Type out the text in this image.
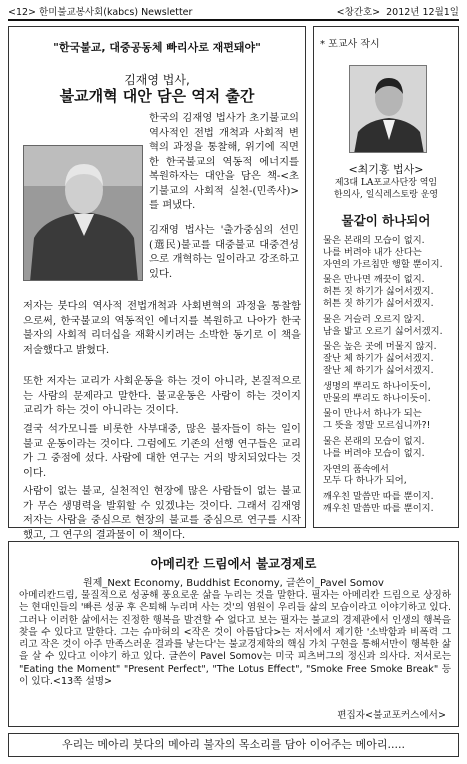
<12> 한미불교봉사회(kabcs) Newsletter	<창간호> 2012년 12월1일
"한국불교, 대중공동체 빠리사로 재편돼야"
김재영 법사,
불교개혁 대안 담은 역저 출간
한국의 김재영 법사가 초기불교의 역사적인 전법 개척과 사회적 변혁의 과정을 통찰해, 위기에 직면한 한국불교의 역동적 에너지를 복원하자는 대안을 담은 책-<초기불교의 사회적 실천-(민족사)>를 펴냈다.
김재영 법사는 '출가중심의 선민(選民)불교를 대중불교 대중견성으로 개혁하는 일이라고 강조하고 있다.
저자는 붓다의 역사적 전법개척과 사회변혁의 과정을 통찰함으로써, 한국불교의 역동적인 에너지를 복원하고 나아가 한국 불자의 사회적 리더십을 재확시키려는 소박한 동기로 이 책을 저술했다고 밝혔다.
또한 저자는 교리가 사회운동을 하는 것이 아니라, 본질적으로는 사람의 문제라고 말한다. 불교운동은 사람이 하는 것이지 교리가 하는 것이 아니라는 것이다.
결국 석가모니를 비롯한 사부대중, 많은 불자들이 하는 일이 불교 운동이라는 것이다. 그럼에도 기존의 선행 연구들은 교리가 그 중점에 섰다. 사람에 대한 연구는 거의 방치되었다는 것이다.
사람이 없는 불교, 실천적인 현장에 많은 사람들이 없는 불교가 무슨 생명력을 발휘할 수 있겠냐는 것이다. 그래서 김재영 저자는 사람을 중심으로 현장의 불교를 중심으로 연구를 시작했고, 그 연구의 결과물이 이 책이다.
* 포교사 작시
<최기홍 법사>
제3대 LA포교사단장 역임
한의사, 일식레스토랑 운영
물같이 하나되어
물은 본래의 모습이 없지.
나를 버려야 내가 산다는
자연의 가르침만 행할 뿐이지.
물은 만나면 깨끗이 없지.
허튼 짓 하기가 싫어서겠지.
허튼 짓 하기가 싫어서겠지.
물은 거슬러 오르지 않지.
남을 밟고 오르기 싫어서겠지.
물은 높은 곳에 머물지 않지.
잘난 체 하기가 싫어서겠지.
잘난 체 하기가 싫어서겠지.
생명의 뿌리도 하나이듯이,
만물의 뿌리도 하나이듯이.
물이 만나서 하나가 되는
그 뜻을 정말 모르십니까?!
물은 본래의 모습이 없지.
나를 버려야 모습이 없지.
자연의 품속에서
모두 다 하나가 되어,
깨우친 말씀만 따를 뿐이지.
깨우친 말씀만 따를 뿐이지.
아메리칸 드림에서 불교경제로
원제_Next Economy, Buddhist Economy, 글쓴이_Pavel Somov
아메리칸드림, 물질적으로 성공해 풍요로운 삶을 누리는 것을 말한다. 필자는 아메리칸 드림으로 상징하는 현대인들의 '빠른 성공 후 은퇴해 누리며 사는 것'의 염원이 우리들 삶의 모습이라고 이야기하고 있다. 그러나 이러한 삶에서는 진정한 행복을 발견할 수 없다고 보는 필자는 불교의 경제관에서 인생의 행복을 찾을 수 있다고 말한다. 그는 슈마허의 <작은 것이 아름답다>는 저서에서 제기한 '소박함과 비폭력 그리고 작은 것이 아주 만족스러운 결과를 낳는다'는 불교경제학의 핵심 가치 구현을 통해서만이 행복한 삶을 살 수 있다고 이야기 하고 있다. 글쓴이 Pavel Somov는 미국 피츠버그의 정신과 의사다. 저서로는 "Eating the Moment" "Present Perfect", "The Lotus Effect", "Smoke Free Smoke Break" 등이 있다.<13쪽 설명>
편집자<불교포커스에서>
우리는 메아리 붓다의 메아리 불자의 목소리를 담아 이어주는 메아리.....
